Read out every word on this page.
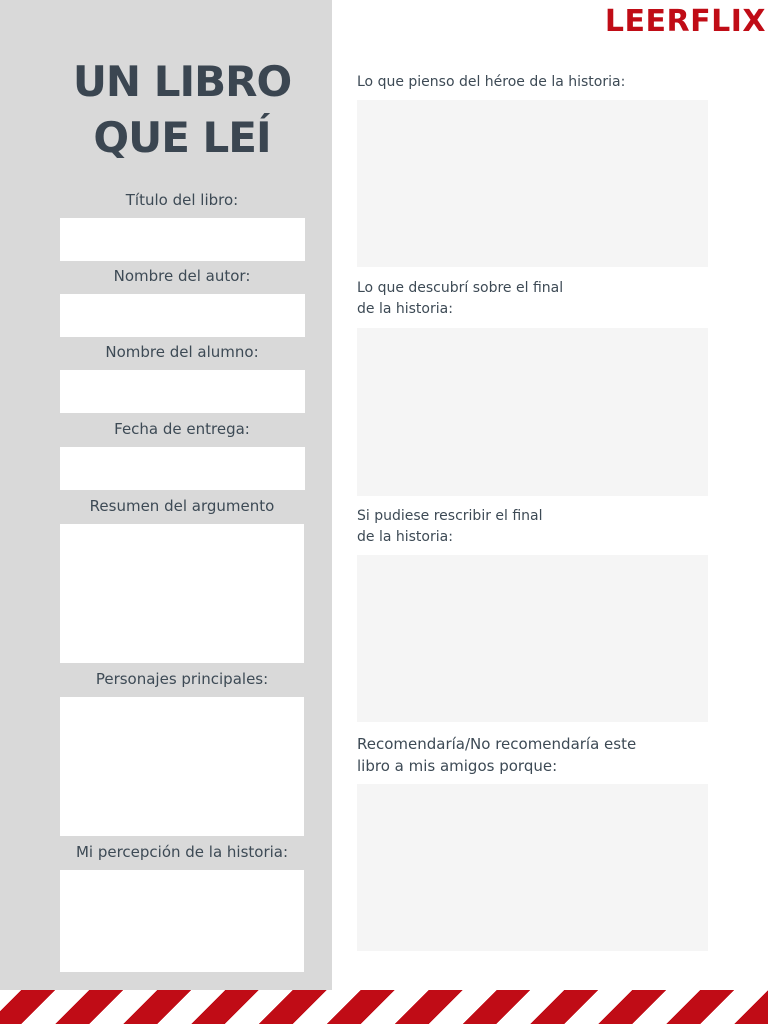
LEERFLIX
UN LIBRO
QUE LEÍ
Título del libro:
Nombre del autor:
Nombre del alumno:
Fecha de entrega:
Resumen del argumento
Personajes principales:
Mi percepción de la historia:
Lo que pienso del héroe de la historia:
Lo que descubrí sobre el final
de la historia:
Si pudiese rescribir el final
de la historia:
Recomendaría/No recomendaría este
libro a mis amigos porque:
